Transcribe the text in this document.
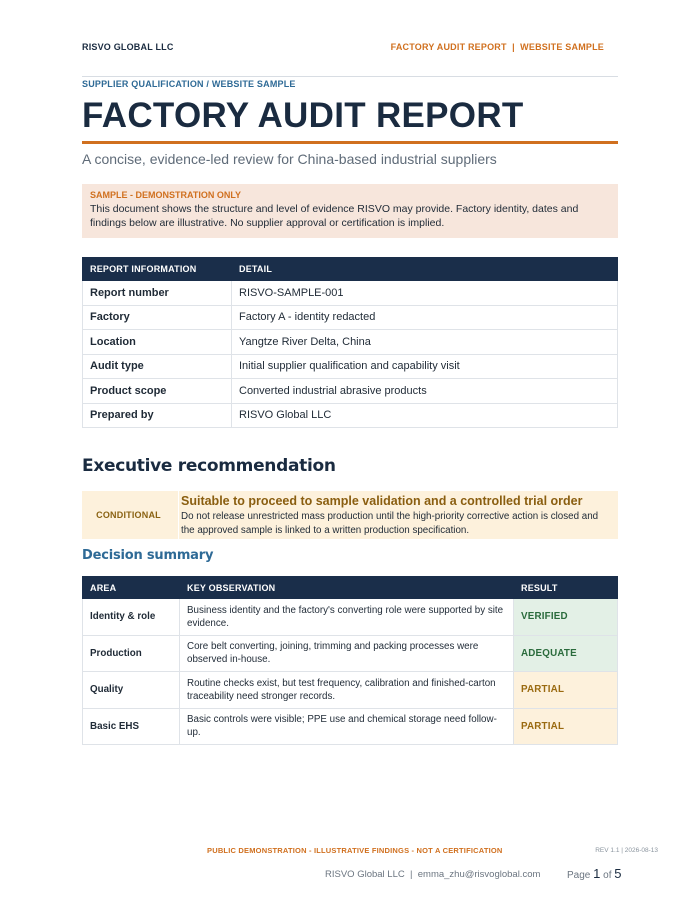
RISVO GLOBAL LLC	FACTORY AUDIT REPORT  |  WEBSITE SAMPLE
SUPPLIER QUALIFICATION / WEBSITE SAMPLE
FACTORY AUDIT REPORT
A concise, evidence-led review for China-based industrial suppliers
SAMPLE - DEMONSTRATION ONLY
This document shows the structure and level of evidence RISVO may provide. Factory identity, dates and findings below are illustrative. No supplier approval or certification is implied.
REPORT INFORMATION	DETAIL
Report number	RISVO-SAMPLE-001
Factory	Factory A - identity redacted
Location	Yangtze River Delta, China
Audit type	Initial supplier qualification and capability visit
Product scope	Converted industrial abrasive products
Prepared by	RISVO Global LLC
Executive recommendation
CONDITIONAL
Suitable to proceed to sample validation and a controlled trial order
Do not release unrestricted mass production until the high-priority corrective action is closed and the approved sample is linked to a written production specification.
Decision summary
AREA	KEY OBSERVATION	RESULT
Identity & role	Business identity and the factory's converting role were supported by site evidence.	VERIFIED
Production	Core belt converting, joining, trimming and packing processes were observed in-house.	ADEQUATE
Quality	Routine checks exist, but test frequency, calibration and finished-carton traceability need stronger records.	PARTIAL
Basic EHS	Basic controls were visible; PPE use and chemical storage need follow-up.	PARTIAL
PUBLIC DEMONSTRATION - ILLUSTRATIVE FINDINGS - NOT A CERTIFICATION	REV 1.1 | 2026-08-13
RISVO Global LLC  |  emma_zhu@risvoglobal.com	Page 1 of 5
